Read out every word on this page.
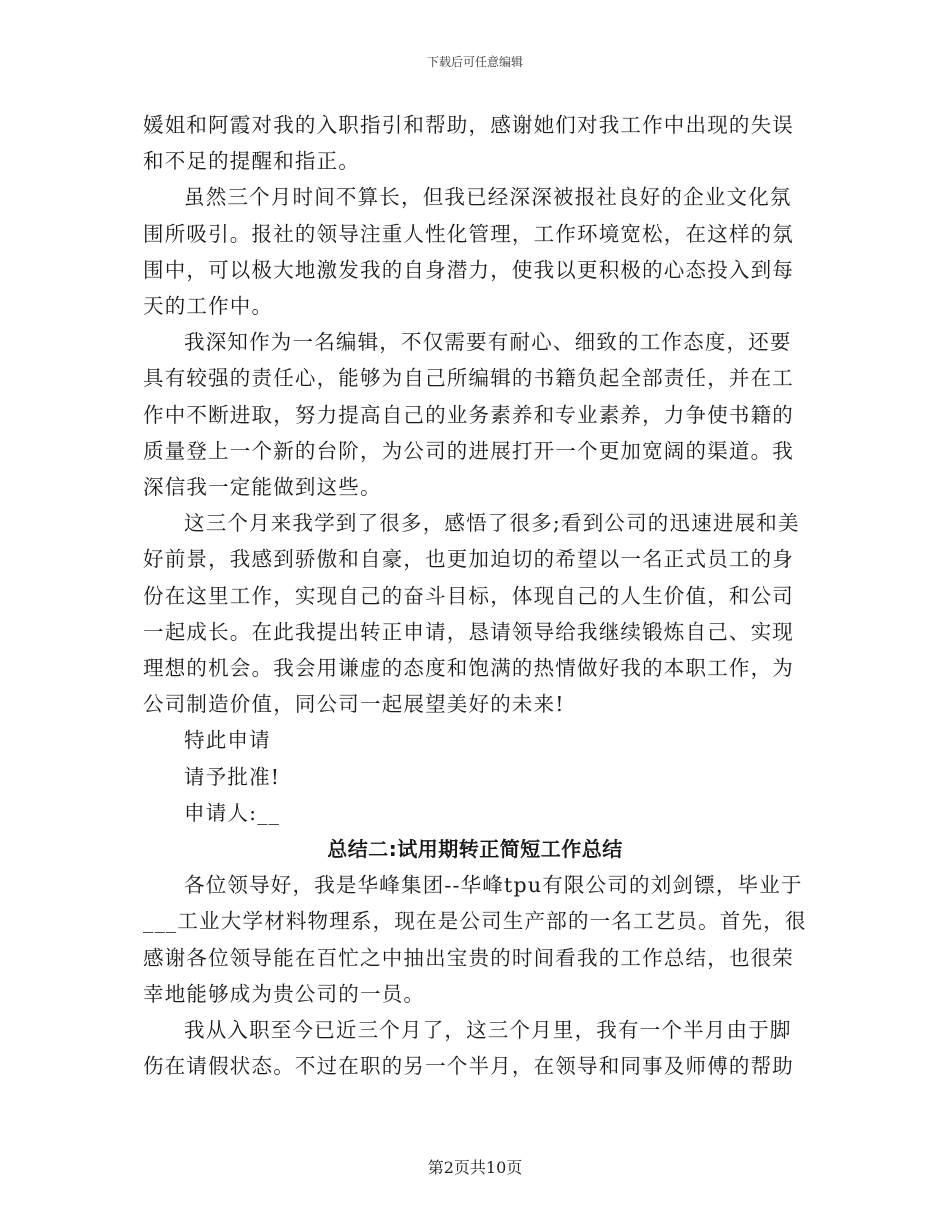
下载后可任意编辑

媛姐和阿霞对我的入职指引和帮助，感谢她们对我工作中出现的失误和不足的提醒和指正。

虽然三个月时间不算长，但我已经深深被报社良好的企业文化氛围所吸引。报社的领导注重人性化管理，工作环境宽松，在这样的氛围中，可以极大地激发我的自身潜力，使我以更积极的心态投入到每天的工作中。

我深知作为一名编辑，不仅需要有耐心、细致的工作态度，还要具有较强的责任心，能够为自己所编辑的书籍负起全部责任，并在工作中不断进取，努力提高自己的业务素养和专业素养，力争使书籍的质量登上一个新的台阶，为公司的进展打开一个更加宽阔的渠道。我深信我一定能做到这些。

这三个月来我学到了很多，感悟了很多;看到公司的迅速进展和美好前景，我感到骄傲和自豪，也更加迫切的希望以一名正式员工的身份在这里工作，实现自己的奋斗目标，体现自己的人生价值，和公司一起成长。在此我提出转正申请，恳请领导给我继续锻炼自己、实现理想的机会。我会用谦虚的态度和饱满的热情做好我的本职工作，为公司制造价值，同公司一起展望美好的未来!

特此申请

请予批准!

申请人:__

总结二:试用期转正简短工作总结

各位领导好，我是华峰集团--华峰tpu有限公司的刘剑镖，毕业于___工业大学材料物理系，现在是公司生产部的一名工艺员。首先，很感谢各位领导能在百忙之中抽出宝贵的时间看我的工作总结，也很荣幸地能够成为贵公司的一员。

我从入职至今已近三个月了，这三个月里，我有一个半月由于脚伤在请假状态。不过在职的另一个半月，在领导和同事及师傅的帮助

第2页共10页
